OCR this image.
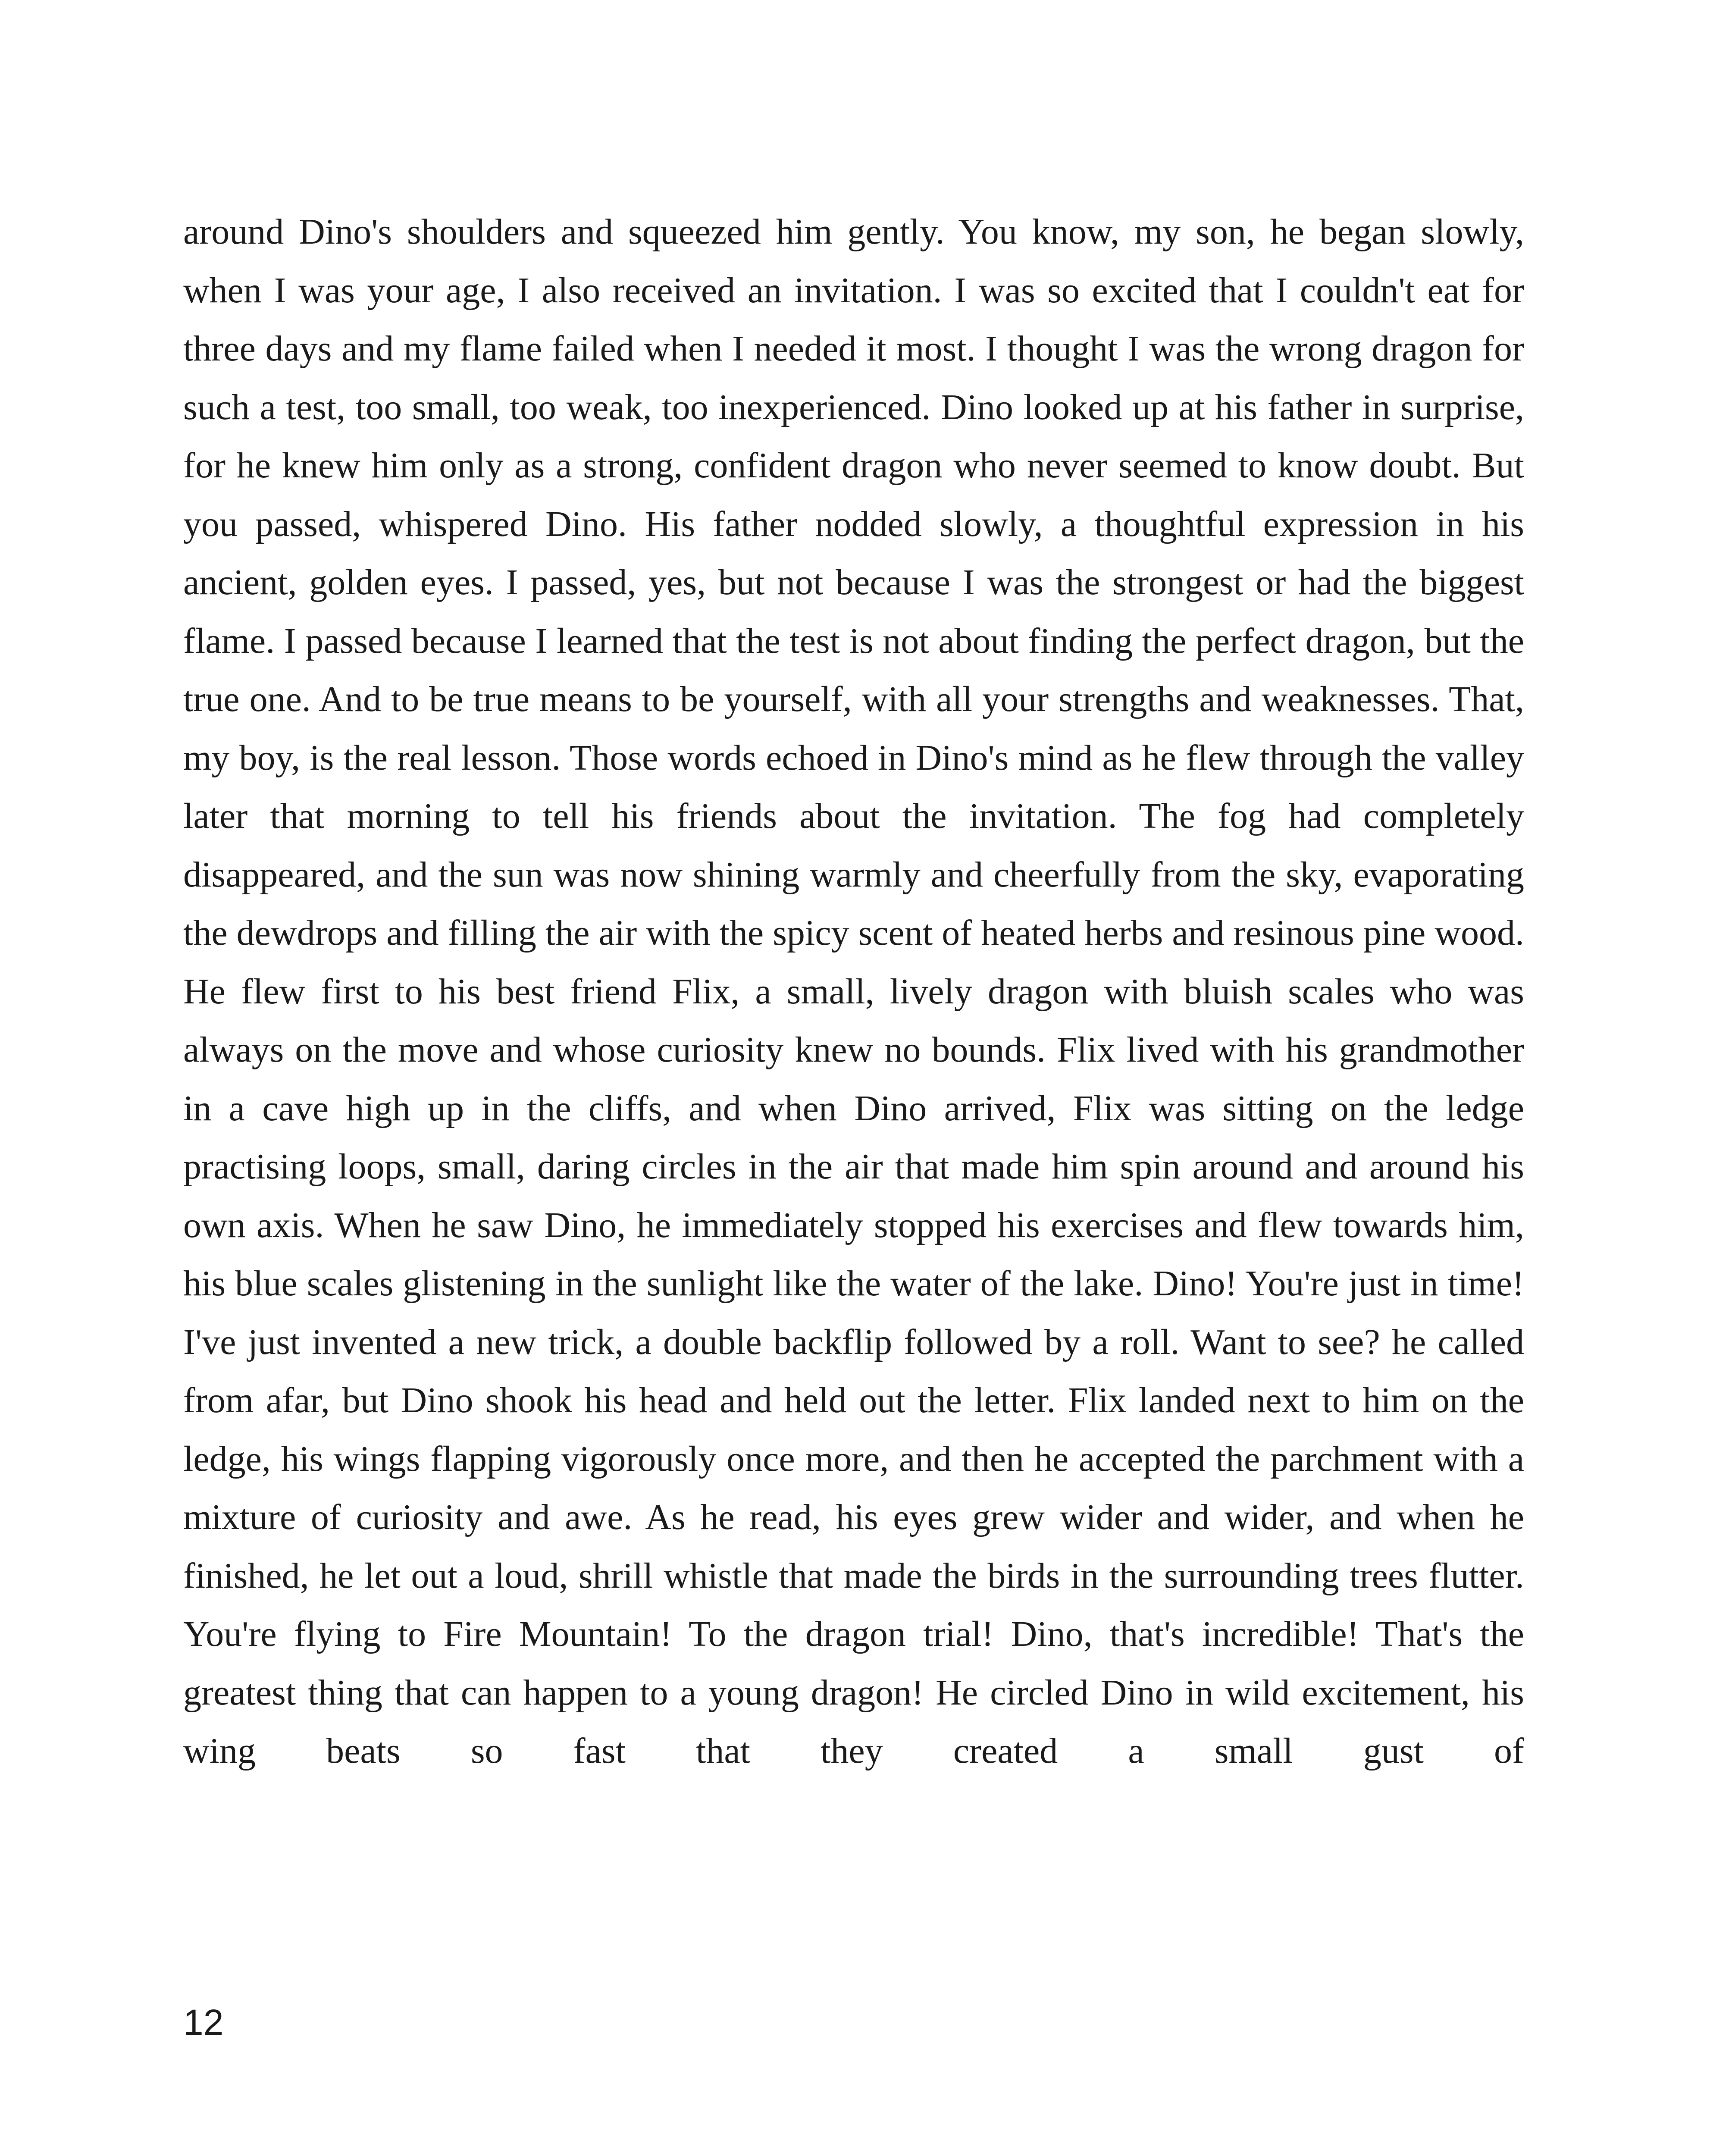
around Dino's shoulders and squeezed him gently. You know, my son, he began slowly, when I was your age, I also received an invitation. I was so excited that I couldn't eat for three days and my flame failed when I needed it most. I thought I was the wrong dragon for such a test, too small, too weak, too inexperienced. Dino looked up at his father in surprise, for he knew him only as a strong, confident dragon who never seemed to know doubt. But you passed, whispered Dino. His father nodded slowly, a thoughtful expression in his ancient, golden eyes. I passed, yes, but not because I was the strongest or had the biggest flame. I passed because I learned that the test is not about finding the perfect dragon, but the true one. And to be true means to be yourself, with all your strengths and weaknesses. That, my boy, is the real lesson. Those words echoed in Dino's mind as he flew through the valley later that morning to tell his friends about the invitation. The fog had completely disappeared, and the sun was now shining warmly and cheerfully from the sky, evaporating the dewdrops and filling the air with the spicy scent of heated herbs and resinous pine wood. He flew first to his best friend Flix, a small, lively dragon with bluish scales who was always on the move and whose curiosity knew no bounds. Flix lived with his grandmother in a cave high up in the cliffs, and when Dino arrived, Flix was sitting on the ledge practising loops, small, daring circles in the air that made him spin around and around his own axis. When he saw Dino, he immediately stopped his exercises and flew towards him, his blue scales glistening in the sunlight like the water of the lake. Dino! You're just in time! I've just invented a new trick, a double backflip followed by a roll. Want to see? he called from afar, but Dino shook his head and held out the letter. Flix landed next to him on the ledge, his wings flapping vigorously once more, and then he accepted the parchment with a mixture of curiosity and awe. As he read, his eyes grew wider and wider, and when he finished, he let out a loud, shrill whistle that made the birds in the surrounding trees flutter. You're flying to Fire Mountain! To the dragon trial! Dino, that's incredible! That's the greatest thing that can happen to a young dragon! He circled Dino in wild excitement, his wing beats so fast that they created a small gust of

12
